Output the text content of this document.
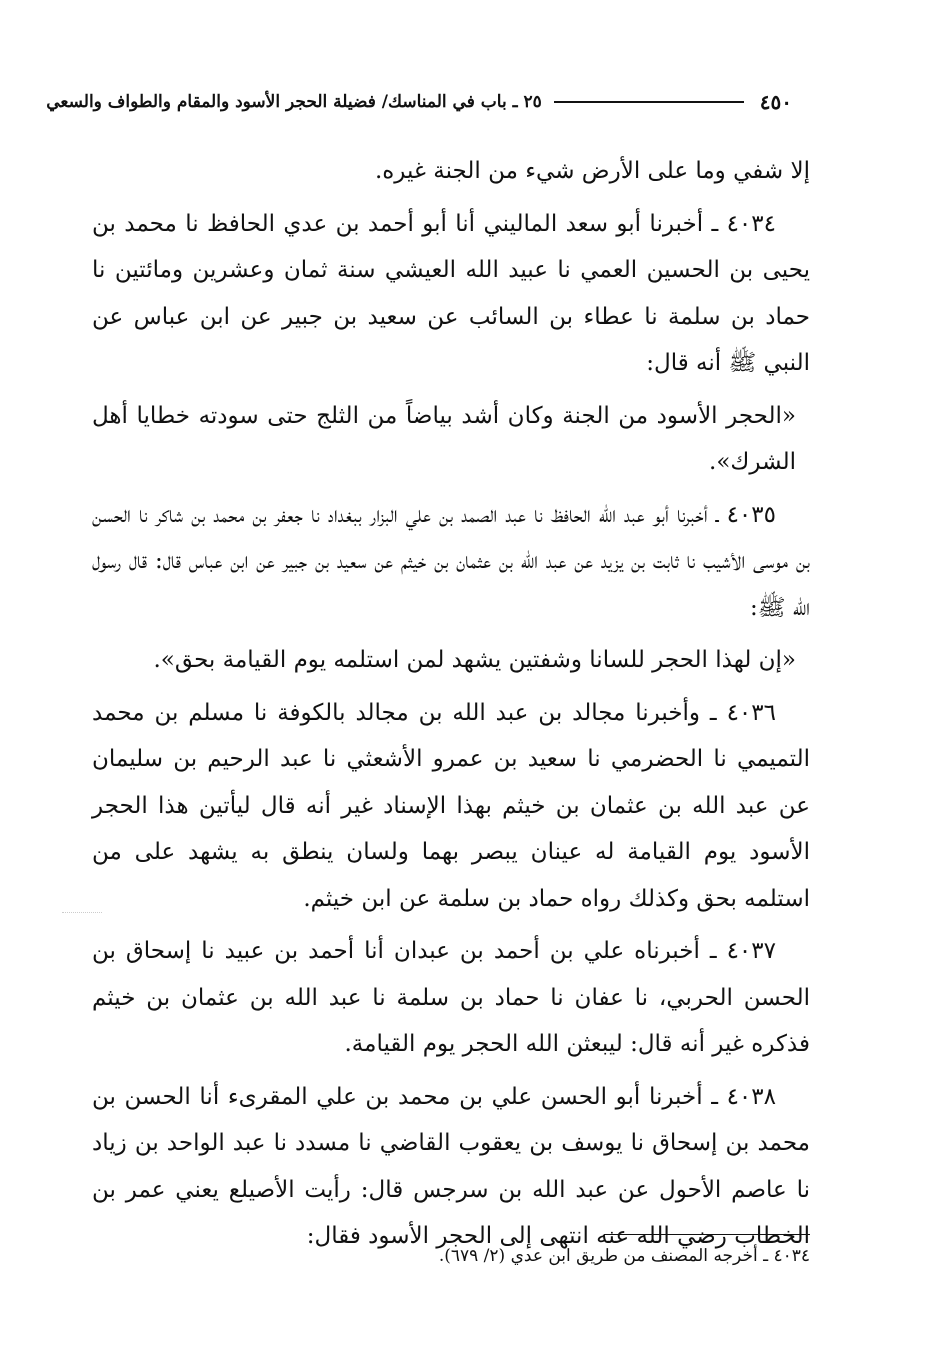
٤٥٠
٢٥ ـ باب في المناسك/ فضيلة الحجر الأسود والمقام والطواف والسعي

إلا شفي وما على الأرض شيء من الجنة غيره.

٤٠٣٤ ـ أخبرنا أبو سعد الماليني أنا أبو أحمد بن عدي الحافظ نا محمد بن يحيى بن الحسين العمي نا عبيد الله العيشي سنة ثمان وعشرين ومائتين نا حماد بن سلمة نا عطاء بن السائب عن سعيد بن جبير عن ابن عباس عن النبي ﷺ أنه قال:

«الحجر الأسود من الجنة وكان أشد بياضاً من الثلج حتى سودته خطايا أهل الشرك».

٤٠٣٥ ـ أخبرنا أبو عبد الله الحافظ نا عبد الصمد بن علي البزار ببغداد نا جعفر بن محمد بن شاكر نا الحسن بن موسى الأشيب نا ثابت بن يزيد عن عبد الله بن عثمان بن خيثم عن سعيد بن جبير عن ابن عباس قال: قال رسول الله ﷺ:

«إن لهذا الحجر للسانا وشفتين يشهد لمن استلمه يوم القيامة بحق».

٤٠٣٦ ـ وأخبرنا مجالد بن عبد الله بن مجالد بالكوفة نا مسلم بن محمد التميمي نا الحضرمي نا سعيد بن عمرو الأشعثي نا عبد الرحيم بن سليمان عن عبد الله بن عثمان بن خيثم بهذا الإسناد غير أنه قال ليأتين هذا الحجر الأسود يوم القيامة له عينان يبصر بهما ولسان ينطق به يشهد على من استلمه بحق وكذلك رواه حماد بن سلمة عن ابن خيثم.

٤٠٣٧ ـ أخبرناه علي بن أحمد بن عبدان أنا أحمد بن عبيد نا إسحاق بن الحسن الحربي، نا عفان نا حماد بن سلمة نا عبد الله بن عثمان بن خيثم فذكره غير أنه قال: ليبعثن الله الحجر يوم القيامة.

٤٠٣٨ ـ أخبرنا أبو الحسن علي بن محمد بن علي المقرىء أنا الحسن بن محمد بن إسحاق نا يوسف بن يعقوب القاضي نا مسدد نا عبد الواحد بن زياد نا عاصم الأحول عن عبد الله بن سرجس قال: رأيت الأصيلع يعني عمر بن الخطاب رضي الله عنه انتهى إلى الحجر الأسود فقال:

٤٠٣٤ ـ أخرجه المصنف من طريق ابن عدي (٢/ ٦٧٩).
